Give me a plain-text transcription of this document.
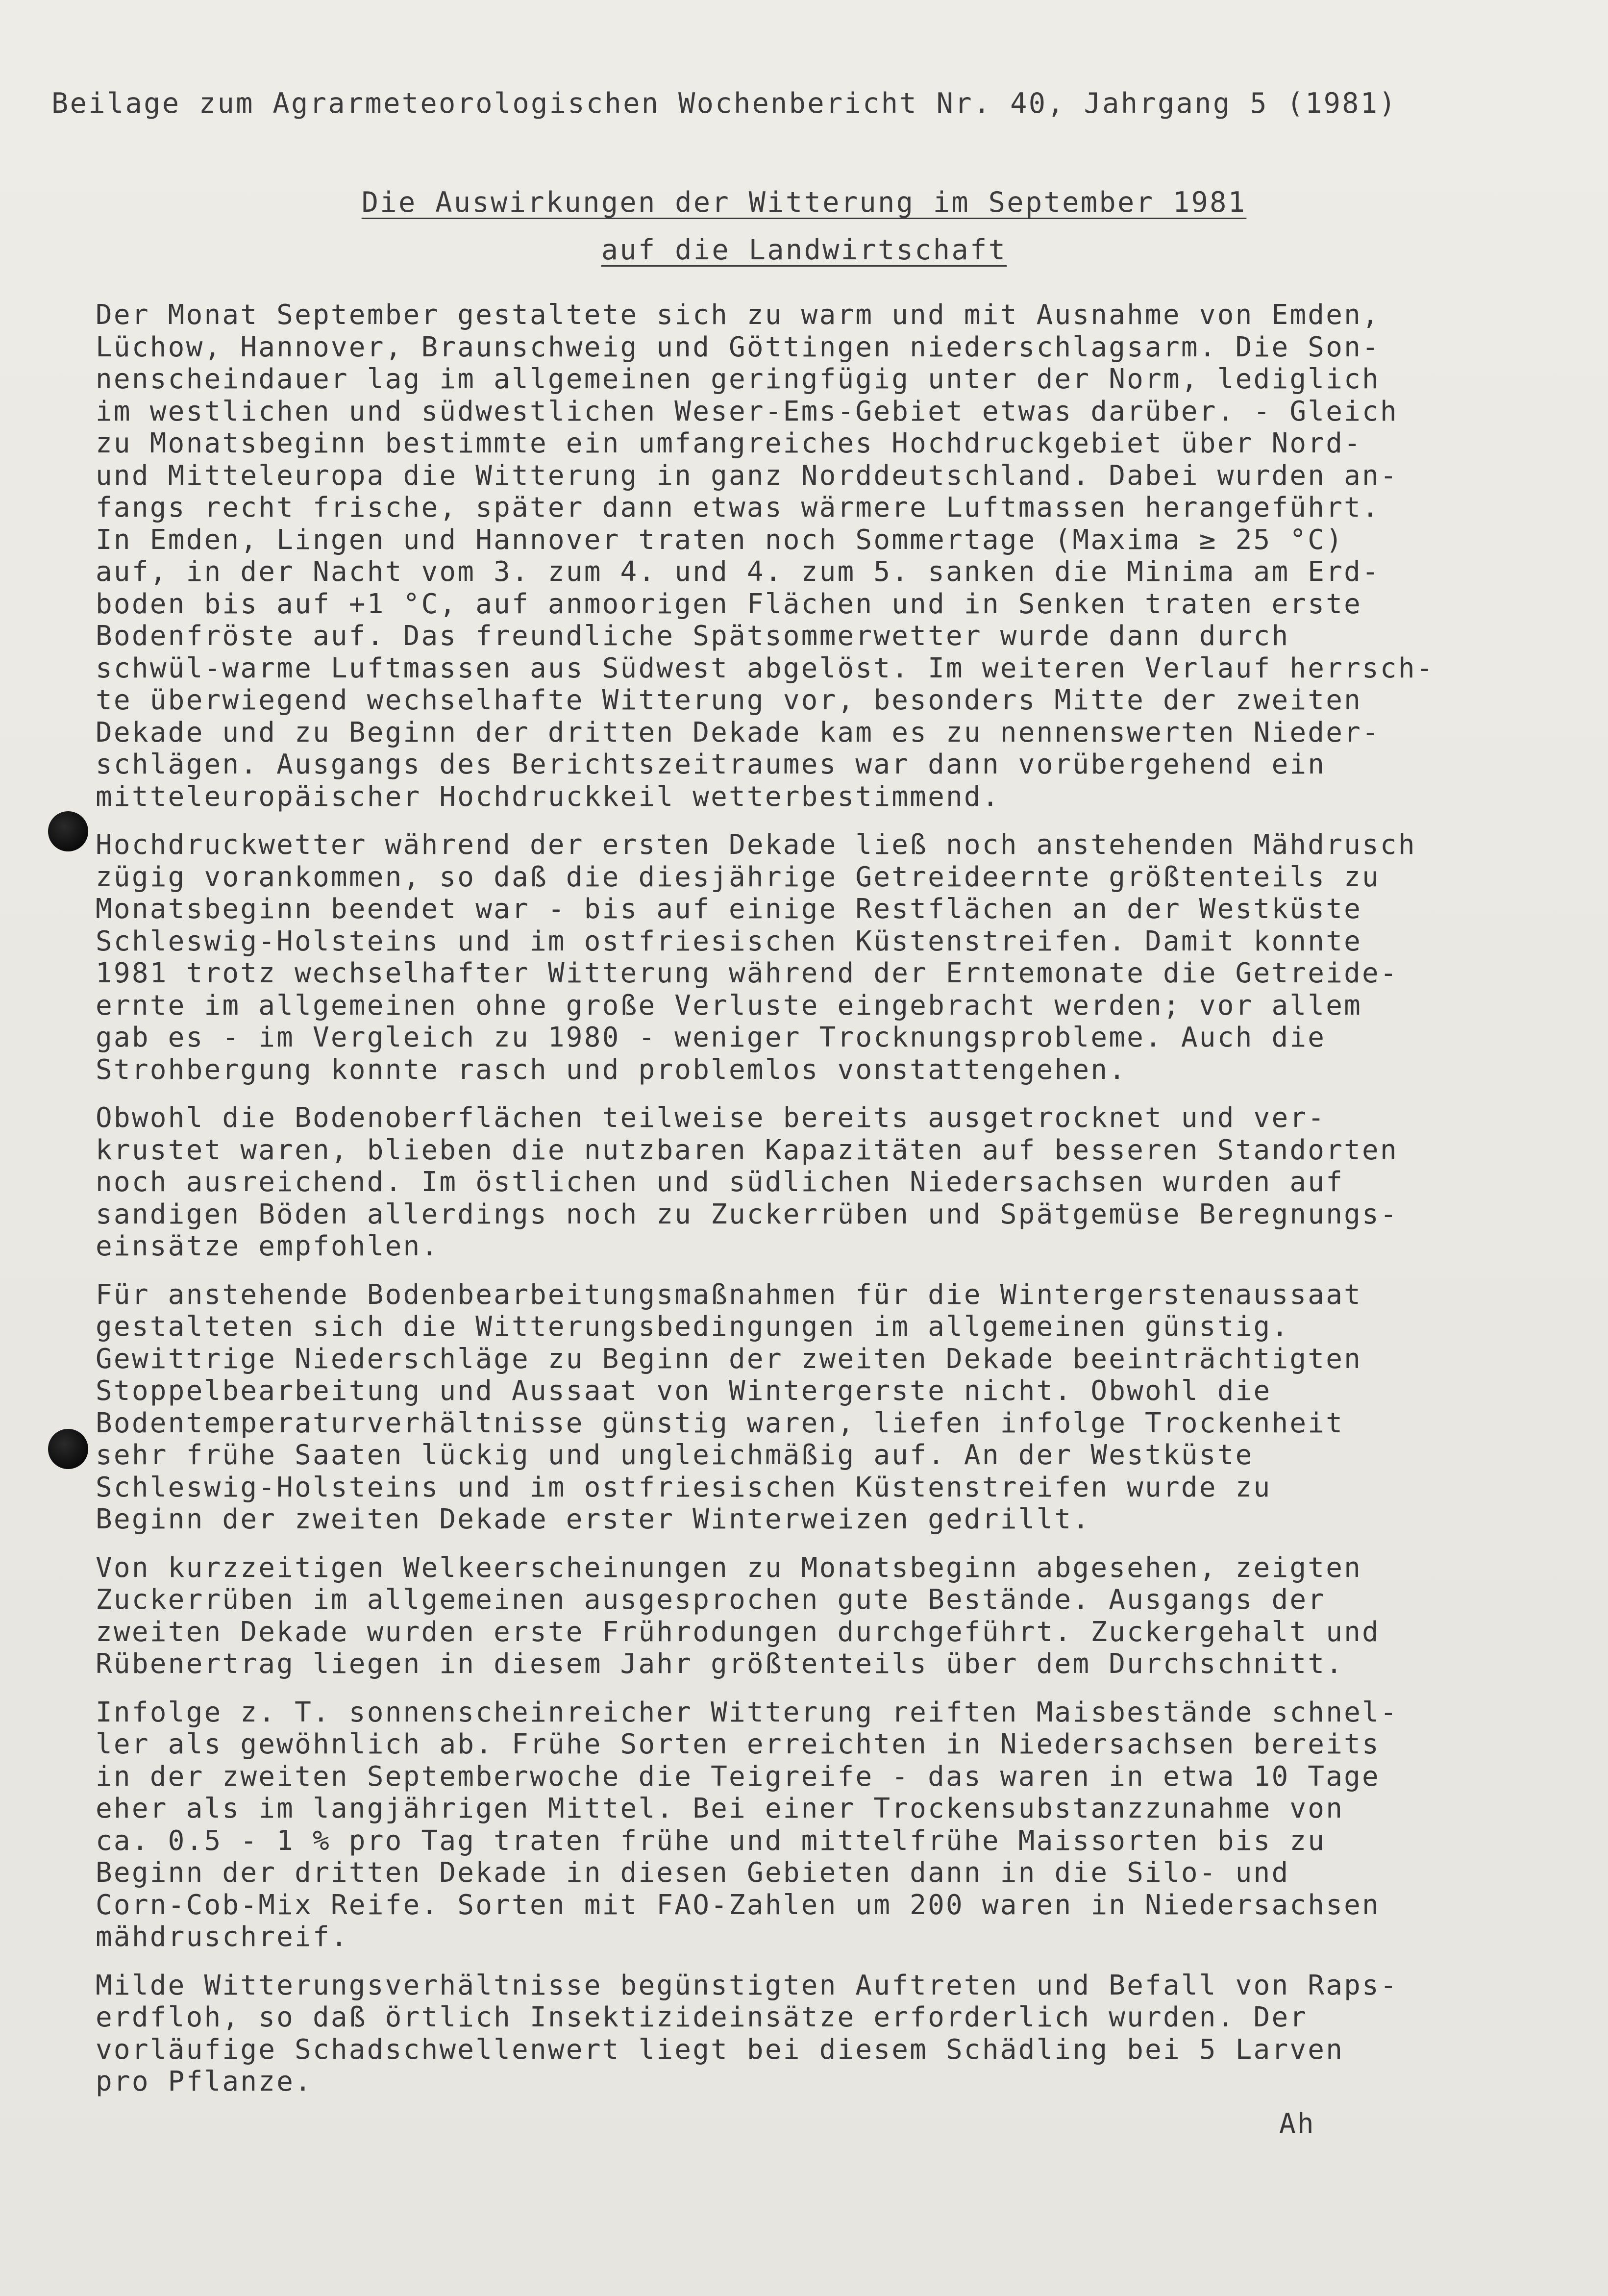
Beilage zum Agrarmeteorologischen Wochenbericht Nr. 40, Jahrgang 5 (1981)
Die Auswirkungen der Witterung im September 1981
auf die Landwirtschaft
Der Monat September gestaltete sich zu warm und mit Ausnahme von Emden,
Lüchow, Hannover, Braunschweig und Göttingen niederschlagsarm. Die Son-
nenscheindauer lag im allgemeinen geringfügig unter der Norm, lediglich
im westlichen und südwestlichen Weser-Ems-Gebiet etwas darüber. - Gleich
zu Monatsbeginn bestimmte ein umfangreiches Hochdruckgebiet über Nord-
und Mitteleuropa die Witterung in ganz Norddeutschland. Dabei wurden an-
fangs recht frische, später dann etwas wärmere Luftmassen herangeführt.
In Emden, Lingen und Hannover traten noch Sommertage (Maxima ≥ 25 °C)
auf, in der Nacht vom 3. zum 4. und 4. zum 5. sanken die Minima am Erd-
boden bis auf +1 °C, auf anmoorigen Flächen und in Senken traten erste
Bodenfröste auf. Das freundliche Spätsommerwetter wurde dann durch
schwül-warme Luftmassen aus Südwest abgelöst. Im weiteren Verlauf herrsch-
te überwiegend wechselhafte Witterung vor, besonders Mitte der zweiten
Dekade und zu Beginn der dritten Dekade kam es zu nennenswerten Nieder-
schlägen. Ausgangs des Berichtszeitraumes war dann vorübergehend ein
mitteleuropäischer Hochdruckkeil wetterbestimmend.
Hochdruckwetter während der ersten Dekade ließ noch anstehenden Mähdrusch
zügig vorankommen, so daß die diesjährige Getreideernte größtenteils zu
Monatsbeginn beendet war - bis auf einige Restflächen an der Westküste
Schleswig-Holsteins und im ostfriesischen Küstenstreifen. Damit konnte
1981 trotz wechselhafter Witterung während der Erntemonate die Getreide-
ernte im allgemeinen ohne große Verluste eingebracht werden; vor allem
gab es - im Vergleich zu 1980 - weniger Trocknungsprobleme. Auch die
Strohbergung konnte rasch und problemlos vonstattengehen.
Obwohl die Bodenoberflächen teilweise bereits ausgetrocknet und ver-
krustet waren, blieben die nutzbaren Kapazitäten auf besseren Standorten
noch ausreichend. Im östlichen und südlichen Niedersachsen wurden auf
sandigen Böden allerdings noch zu Zuckerrüben und Spätgemüse Beregnungs-
einsätze empfohlen.
Für anstehende Bodenbearbeitungsmaßnahmen für die Wintergerstenaussaat
gestalteten sich die Witterungsbedingungen im allgemeinen günstig.
Gewittrige Niederschläge zu Beginn der zweiten Dekade beeinträchtigten
Stoppelbearbeitung und Aussaat von Wintergerste nicht. Obwohl die
Bodentemperaturverhältnisse günstig waren, liefen infolge Trockenheit
sehr frühe Saaten lückig und ungleichmäßig auf. An der Westküste
Schleswig-Holsteins und im ostfriesischen Küstenstreifen wurde zu
Beginn der zweiten Dekade erster Winterweizen gedrillt.
Von kurzzeitigen Welkeerscheinungen zu Monatsbeginn abgesehen, zeigten
Zuckerrüben im allgemeinen ausgesprochen gute Bestände. Ausgangs der
zweiten Dekade wurden erste Frührodungen durchgeführt. Zuckergehalt und
Rübenertrag liegen in diesem Jahr größtenteils über dem Durchschnitt.
Infolge z. T. sonnenscheinreicher Witterung reiften Maisbestände schnel-
ler als gewöhnlich ab. Frühe Sorten erreichten in Niedersachsen bereits
in der zweiten Septemberwoche die Teigreife - das waren in etwa 10 Tage
eher als im langjährigen Mittel. Bei einer Trockensubstanzzunahme von
ca. 0.5 - 1 % pro Tag traten frühe und mittelfrühe Maissorten bis zu
Beginn der dritten Dekade in diesen Gebieten dann in die Silo- und
Corn-Cob-Mix Reife. Sorten mit FAO-Zahlen um 200 waren in Niedersachsen
mähdruschreif.
Milde Witterungsverhältnisse begünstigten Auftreten und Befall von Raps-
erdfloh, so daß örtlich Insektizideinsätze erforderlich wurden. Der
vorläufige Schadschwellenwert liegt bei diesem Schädling bei 5 Larven
pro Pflanze.
Ah
